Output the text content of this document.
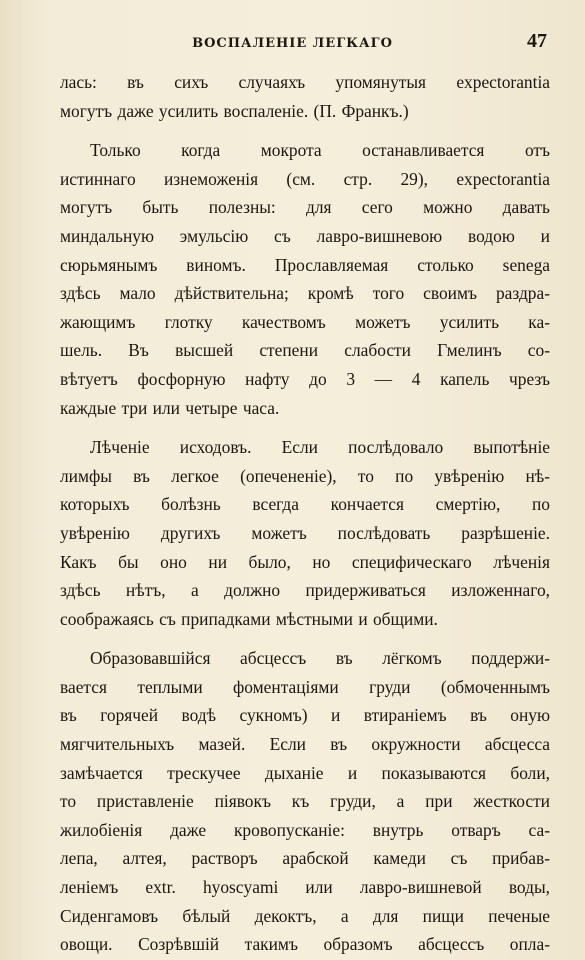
ВОСПАЛЕНІЕ ЛЕГКАГО	47
лась: въ сихъ случаяхъ упомянутыя expectorantia
могутъ даже усилить воспаленіе. (П. Франкъ.)
Только когда мокрота останавливается отъ
истиннаго изнеможенія (см. стр. 29), expectorantia
могутъ быть полезны: для сего можно давать
миндальную эмульсію съ лавро-вишневою водою и
сюрьмянымъ виномъ. Прославляемая столько senega
здѣсь мало дѣйствительна; кромѣ того своимъ раздра-
жающимъ глотку качествомъ можетъ усилить ка-
шель. Въ высшей степени слабости Гмелинъ со-
вѣтуетъ фосфорную нафту до 3 — 4 капель чрезъ
каждые три или четыре часа.
Лѣченіе исходовъ. Если послѣдовало выпотѣніе
лимфы въ легкое (опечененіе), то по увѣренію нѣ-
которыхъ болѣзнь всегда кончается смертію, по
увѣренію другихъ можетъ послѣдовать разрѣшеніе.
Какъ бы оно ни было, но специфическаго лѣченія
здѣсь нѣтъ, а должно придерживаться изложеннаго,
соображаясь съ припадками мѣстными и общими.
Образовавшійся абсцессъ въ лёгкомъ поддержи-
вается теплыми фоментаціями груди (обмоченнымъ
въ горячей водѣ сукномъ) и втираніемъ въ оную
мягчительныхъ мазей. Если въ окружности абсцесса
замѣчается трескучее дыханіе и показываются боли,
то приставленіе піявокъ къ груди, а при жесткости
жилобіенія даже кровопусканіе: внутрь отваръ са-
лепа, алтея, растворъ арабской камеди съ прибав-
леніемъ extr. hyoscyami или лавро-вишневой воды,
Сиденгамовъ бѣлый декоктъ, а для пищи печеные
овощи. Созрѣвшій такимъ образомъ абсцессъ опла-
